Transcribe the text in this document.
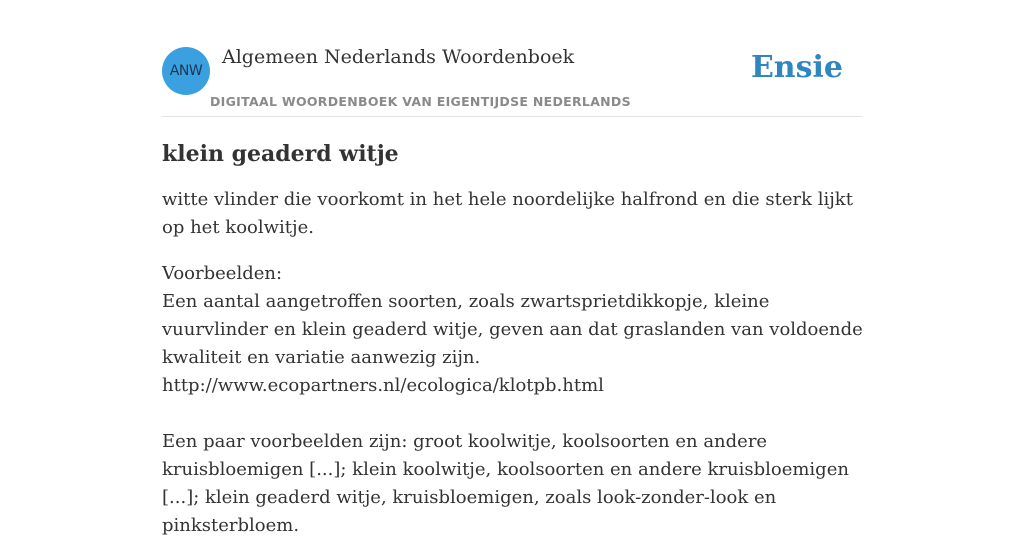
ANW
Algemeen Nederlands Woordenboek
DIGITAAL WOORDENBOEK VAN EIGENTIJDSE NEDERLANDS
Ensie
klein geaderd witje

witte vlinder die voorkomt in het hele noordelijke halfrond en die sterk lijkt op het koolwitje.

Voorbeelden:
Een aantal aangetroffen soorten, zoals zwartsprietdikkopje, kleine vuurvlinder en klein geaderd witje, geven aan dat graslanden van voldoende kwaliteit en variatie aanwezig zijn.
http://www.ecopartners.nl/ecologica/klotpb.html
Een paar voorbeelden zijn: groot koolwitje, koolsoorten en andere kruisbloemigen [...]; klein koolwitje, koolsoorten en andere kruisbloemigen [...]; klein geaderd witje, kruisbloemigen, zoals look-zonder-look en pinksterbloem.
